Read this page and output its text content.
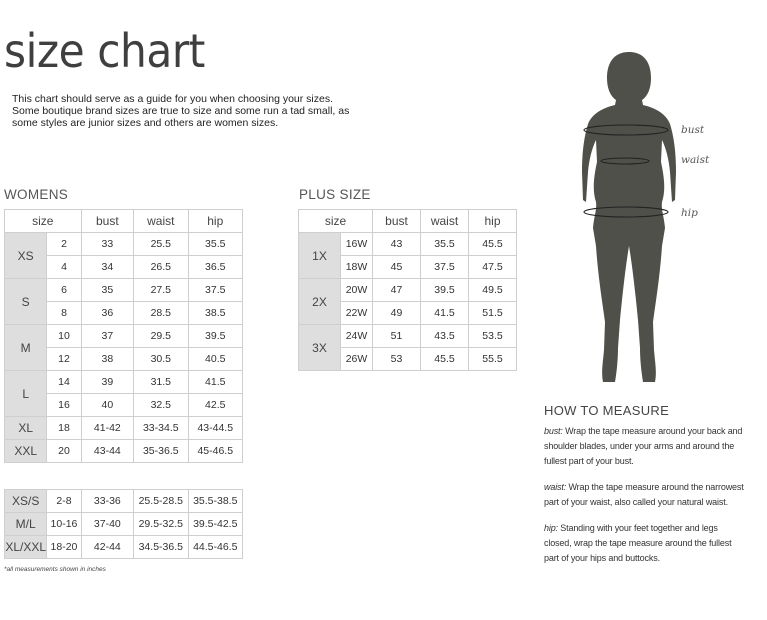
size chart
This chart should serve as a guide for you when choosing your sizes.
Some boutique brand sizes are true to size and some run a tad small, as
some styles are junior sizes and others are women sizes.
WOMENS	PLUS SIZE
size		bust	waist	hip
XS	2	33	25.5	35.5
	4	34	26.5	36.5
S	6	35	27.5	37.5
	8	36	28.5	38.5
M	10	37	29.5	39.5
	12	38	30.5	40.5
L	14	39	31.5	41.5
	16	40	32.5	42.5
XL	18	41-42	33-34.5	43-44.5
XXL	20	43-44	35-36.5	45-46.5
XS/S	2-8	33-36	25.5-28.5	35.5-38.5
M/L	10-16	37-40	29.5-32.5	39.5-42.5
XL/XXL	18-20	42-44	34.5-36.5	44.5-46.5
size		bust	waist	hip
1X	16W	43	35.5	45.5
	18W	45	37.5	47.5
2X	20W	47	39.5	49.5
	22W	49	41.5	51.5
3X	24W	51	43.5	53.5
	26W	53	45.5	55.5
*all measurements shown in inches
bust
waist
hip
HOW TO MEASURE

bust: Wrap the tape measure around your back and shoulder blades, under your arms and around the fullest part of your bust.

waist: Wrap the tape measure around the narrowest part of your waist, also called your natural waist.

hip: Standing with your feet together and legs closed, wrap the tape measure around the fullest part of your hips and buttocks.
